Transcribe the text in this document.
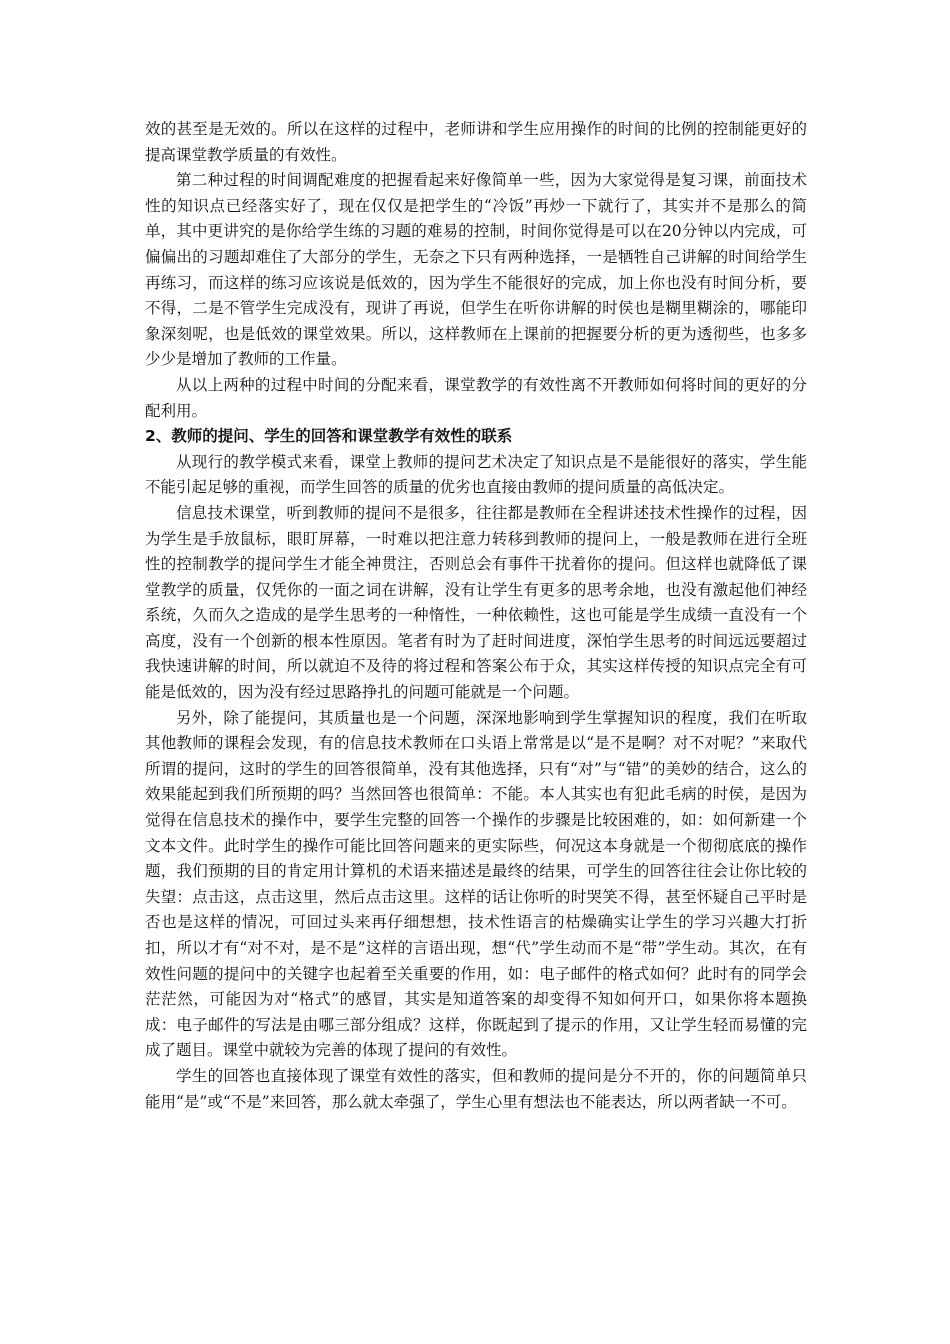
效的甚至是无效的。所以在这样的过程中，老师讲和学生应用操作的时间的比例的控制能更好的提高课堂教学质量的有效性。

第二种过程的时间调配难度的把握看起来好像简单一些，因为大家觉得是复习课，前面技术性的知识点已经落实好了，现在仅仅是把学生的“冷饭”再炒一下就行了，其实并不是那么的简单，其中更讲究的是你给学生练的习题的难易的控制，时间你觉得是可以在20分钟以内完成，可偏偏出的习题却难住了大部分的学生，无奈之下只有两种选择，一是牺牲自己讲解的时间给学生再练习，而这样的练习应该说是低效的，因为学生不能很好的完成，加上你也没有时间分析，要不得，二是不管学生完成没有，现讲了再说，但学生在听你讲解的时侯也是糊里糊涂的，哪能印象深刻呢，也是低效的课堂效果。所以，这样教师在上课前的把握要分析的更为透彻些，也多多少少是增加了教师的工作量。

从以上两种的过程中时间的分配来看，课堂教学的有效性离不开教师如何将时间的更好的分配利用。

2、教师的提问、学生的回答和课堂教学有效性的联系

从现行的教学模式来看，课堂上教师的提问艺术决定了知识点是不是能很好的落实，学生能不能引起足够的重视，而学生回答的质量的优劣也直接由教师的提问质量的高低决定。

信息技术课堂，听到教师的提问不是很多，往往都是教师在全程讲述技术性操作的过程，因为学生是手放鼠标，眼盯屏幕，一时难以把注意力转移到教师的提问上，一般是教师在进行全班性的控制教学的提问学生才能全神贯注，否则总会有事件干扰着你的提问。但这样也就降低了课堂教学的质量，仅凭你的一面之词在讲解，没有让学生有更多的思考余地，也没有激起他们神经系统，久而久之造成的是学生思考的一种惰性，一种依赖性，这也可能是学生成绩一直没有一个高度，没有一个创新的根本性原因。笔者有时为了赶时间进度，深怕学生思考的时间远远要超过我快速讲解的时间，所以就迫不及待的将过程和答案公布于众，其实这样传授的知识点完全有可能是低效的，因为没有经过思路挣扎的问题可能就是一个问题。

另外，除了能提问，其质量也是一个问题，深深地影响到学生掌握知识的程度，我们在听取其他教师的课程会发现，有的信息技术教师在口头语上常常是以“是不是啊？对不对呢？”来取代所谓的提问，这时的学生的回答很简单，没有其他选择，只有“对”与“错”的美妙的结合，这么的效果能起到我们所预期的吗？当然回答也很简单：不能。本人其实也有犯此毛病的时侯，是因为觉得在信息技术的操作中，要学生完整的回答一个操作的步骤是比较困难的，如：如何新建一个文本文件。此时学生的操作可能比回答问题来的更实际些，何况这本身就是一个彻彻底底的操作题，我们预期的目的肯定用计算机的术语来描述是最终的结果，可学生的回答往往会让你比较的失望：点击这，点击这里，然后点击这里。这样的话让你听的时哭笑不得，甚至怀疑自己平时是否也是这样的情况，可回过头来再仔细想想，技术性语言的枯燥确实让学生的学习兴趣大打折扣，所以才有“对不对，是不是”这样的言语出现，想“代”学生动而不是“带”学生动。其次，在有效性问题的提问中的关键字也起着至关重要的作用，如：电子邮件的格式如何？此时有的同学会茫茫然，可能因为对“格式”的感冒，其实是知道答案的却变得不知如何开口，如果你将本题换成：电子邮件的写法是由哪三部分组成？这样，你既起到了提示的作用，又让学生轻而易懂的完成了题目。课堂中就较为完善的体现了提问的有效性。

学生的回答也直接体现了课堂有效性的落实，但和教师的提问是分不开的，你的问题简单只能用“是”或“不是”来回答，那么就太牵强了，学生心里有想法也不能表达，所以两者缺一不可。
